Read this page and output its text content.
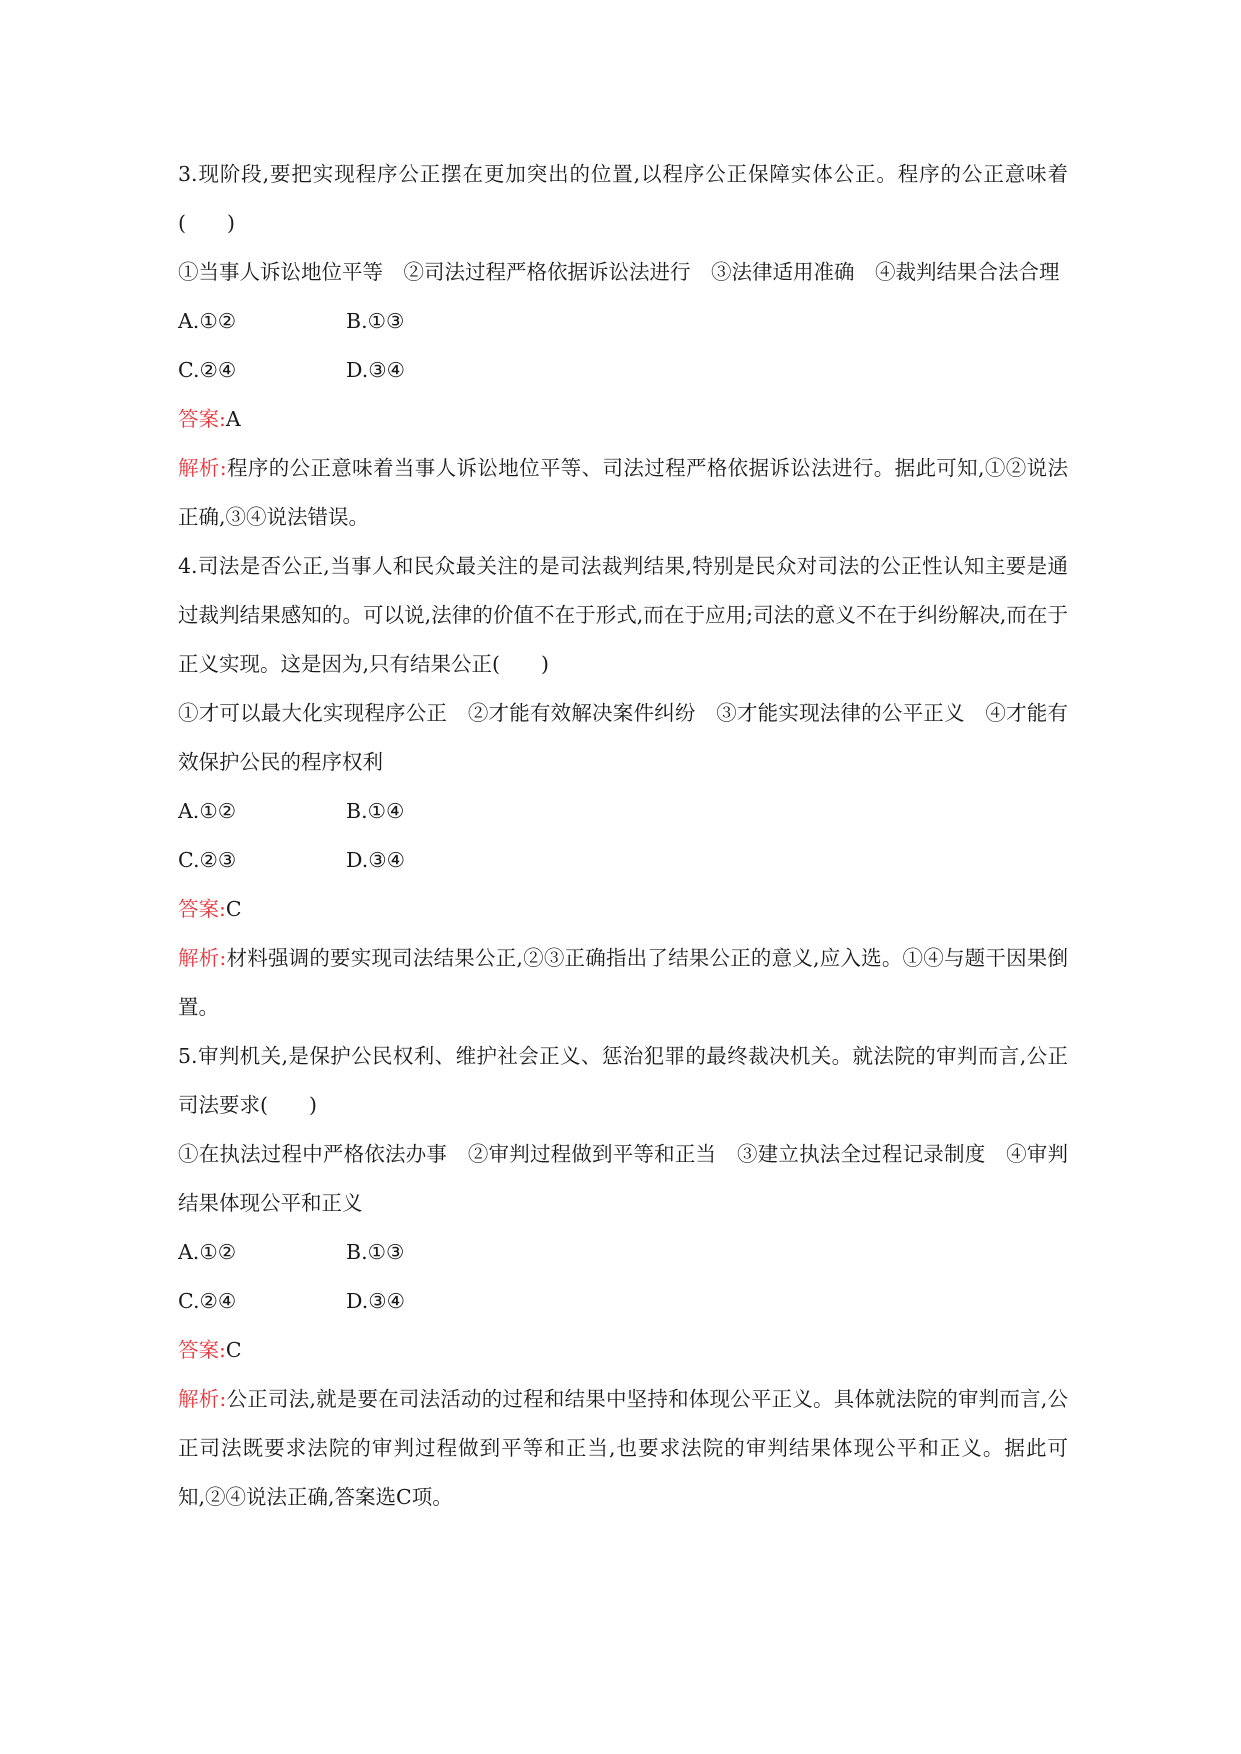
3.现阶段,要把实现程序公正摆在更加突出的位置,以程序公正保障实体公正。程序的公正意味着(　　)

①当事人诉讼地位平等　②司法过程严格依据诉讼法进行　③法律适用准确　④裁判结果合法合理

A.①②	B.①③
C.②④	D.③④

答案:A

解析:程序的公正意味着当事人诉讼地位平等、司法过程严格依据诉讼法进行。据此可知,①②说法正确,③④说法错误。

4.司法是否公正,当事人和民众最关注的是司法裁判结果,特别是民众对司法的公正性认知主要是通过裁判结果感知的。可以说,法律的价值不在于形式,而在于应用;司法的意义不在于纠纷解决,而在于正义实现。这是因为,只有结果公正(　　)

①才可以最大化实现程序公正　②才能有效解决案件纠纷　③才能实现法律的公平正义　④才能有效保护公民的程序权利

A.①②	B.①④
C.②③	D.③④

答案:C

解析:材料强调的要实现司法结果公正,②③正确指出了结果公正的意义,应入选。①④与题干因果倒置。

5.审判机关,是保护公民权利、维护社会正义、惩治犯罪的最终裁决机关。就法院的审判而言,公正司法要求(　　)

①在执法过程中严格依法办事　②审判过程做到平等和正当　③建立执法全过程记录制度　④审判结果体现公平和正义

A.①②	B.①③
C.②④	D.③④

答案:C

解析:公正司法,就是要在司法活动的过程和结果中坚持和体现公平正义。具体就法院的审判而言,公正司法既要求法院的审判过程做到平等和正当,也要求法院的审判结果体现公平和正义。据此可知,②④说法正确,答案选C项。
